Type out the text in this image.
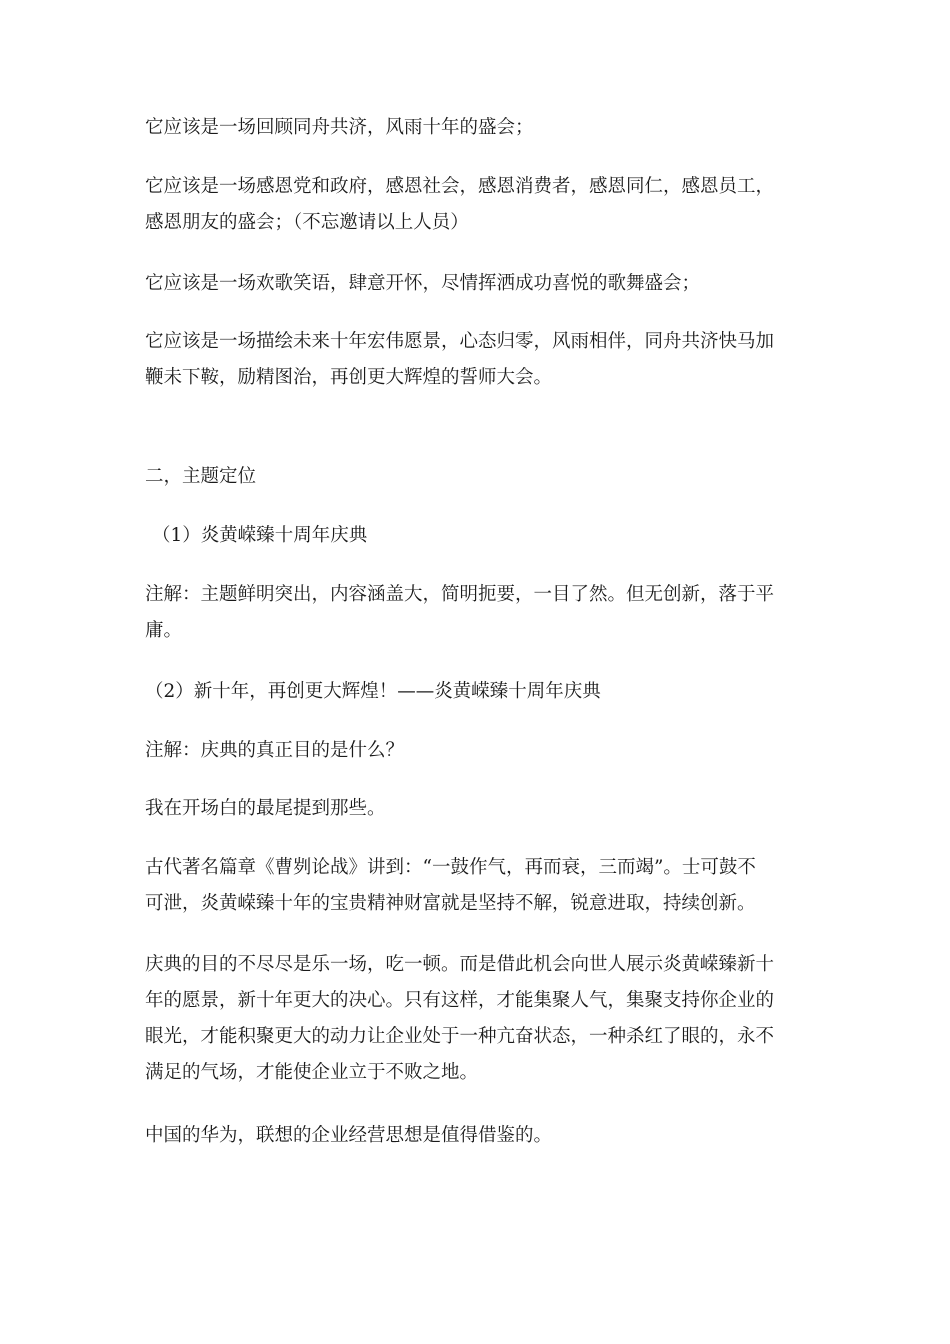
它应该是一场回顾同舟共济，风雨十年的盛会；

它应该是一场感恩党和政府，感恩社会，感恩消费者，感恩同仁，感恩员工，
感恩朋友的盛会；（不忘邀请以上人员）

它应该是一场欢歌笑语，肆意开怀，尽情挥洒成功喜悦的歌舞盛会；

它应该是一场描绘未来十年宏伟愿景，心态归零，风雨相伴，同舟共济快马加
鞭未下鞍，励精图治，再创更大辉煌的誓师大会。

二，主题定位

（1）炎黄嵘臻十周年庆典

注解：主题鲜明突出，内容涵盖大，简明扼要，一目了然。但无创新，落于平
庸。

（2）新十年，再创更大辉煌！——炎黄嵘臻十周年庆典

注解：庆典的真正目的是什么？

我在开场白的最尾提到那些。

古代著名篇章《曹刿论战》讲到：“一鼓作气，再而衰，三而竭”。士可鼓不
可泄，炎黄嵘臻十年的宝贵精神财富就是坚持不解，锐意进取，持续创新。

庆典的目的不尽尽是乐一场，吃一顿。而是借此机会向世人展示炎黄嵘臻新十
年的愿景，新十年更大的决心。只有这样，才能集聚人气，集聚支持你企业的
眼光，才能积聚更大的动力让企业处于一种亢奋状态，一种杀红了眼的，永不
满足的气场，才能使企业立于不败之地。

中国的华为，联想的企业经营思想是值得借鉴的。
